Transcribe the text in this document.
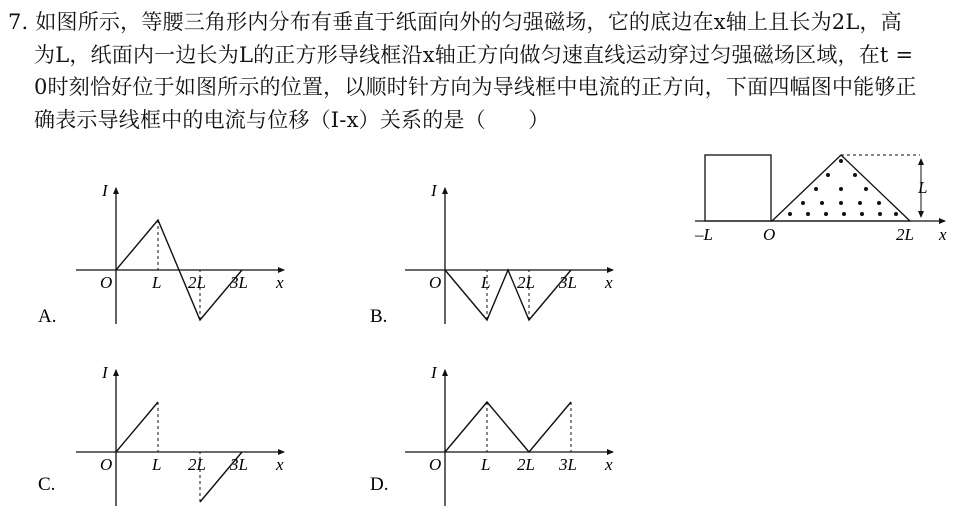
7. 如图所示，等腰三角形内分布有垂直于纸面向外的匀强磁场，它的底边在x轴上且长为2L，高
为L，纸面内一边长为L的正方形导线框沿x轴正方向做匀速直线运动穿过匀强磁场区域，在t =
0时刻恰好位于如图所示的位置，以顺时针方向为导线框中电流的正方向，下面四幅图中能够正
确表示导线框中的电流与位移（I-x）关系的是（　　）
L
–L	O	2L x
I
x
O L 2L 3L
A.
I
x
O L 2L 3L
B.
I
x
O L 2L 3L
C.
I
x
O L 2L 3L
D.
